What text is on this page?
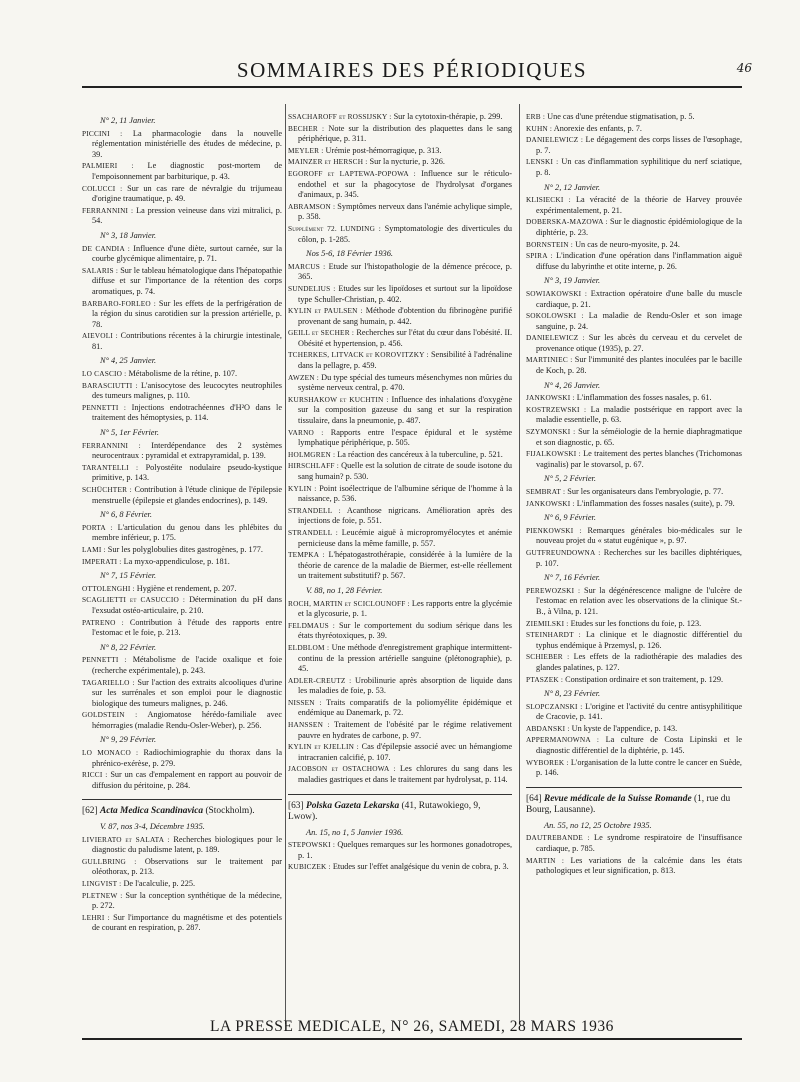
SOMMAIRES DES PÉRIODIQUES	46
N° 2, 11 Janvier.
PICCINI : La pharmacologie dans la nouvelle réglementation ministérielle des études de médecine, p. 39.
PALMIERI : Le diagnostic post-mortem de l'empoisonnement par barbiturique, p. 43.
COLUCCI : Sur un cas rare de névralgie du trijumeau d'origine traumatique, p. 49.
FERRANNINI : La pression veineuse dans vizi mitralici, p. 54.
N° 3, 18 Janvier.
DE CANDIA : Influence d'une diète, surtout carnée, sur la courbe glycémique alimentaire, p. 71.
SALARIS : Sur le tableau hématologique dans l'hépatopathie diffuse et sur l'importance de la rétention des corps aromatiques, p. 74.
BARBARO-FORLEO : Sur les effets de la perfrigération de la région du sinus carotidien sur la pression artérielle, p. 78.
AIEVOLI : Contributions récentes à la chirurgie intestinale, 81.
N° 4, 25 Janvier.
LO CASCIO : Métabolisme de la rétine, p. 107.
BARASCIUTTI : L'anisocytose des leucocytes neutrophiles des tumeurs malignes, p. 110.
PENNETTI : Injections endotrachéennes d'H²O dans le traitement des hémoptysies, p. 114.
N° 5, 1er Février.
FERRANNINI : Interdépendance des 2 systèmes neurocentraux : pyramidal et extrapyramidal, p. 139.
TARANTELLI : Polyostéite nodulaire pseudo-kystique primitive, p. 143.
SCHÜCHTER : Contribution à l'étude clinique de l'épilepsie menstruelle (épilepsie et glandes endocrines), p. 149.
N° 6, 8 Février.
PORTA : L'articulation du genou dans les phlébites du membre inférieur, p. 175.
LAMI : Sur les polyglobulies dites gastrogènes, p. 177.
IMPERATI : La myxo-appendiculose, p. 181.
N° 7, 15 Février.
OTTOLENGHI : Hygiène et rendement, p. 207.
SCAGLIETTI et CASUCCIO : Détermination du pH dans l'exsudat ostéo-articulaire, p. 210.
PATRENO : Contribution à l'étude des rapports entre l'estomac et le foie, p. 213.
N° 8, 22 Février.
PENNETTI : Métabolisme de l'acide oxalique et foie (recherche expérimentale), p. 243.
TAGARIELLO : Sur l'action des extraits alcooliques d'urine sur les surrénales et son emploi pour le diagnostic biologique des tumeurs malignes, p. 246.
GOLDSTEIN : Angiomatose hérédo-familiale avec hémorragies (maladie Rendu-Osler-Weber), p. 256.
N° 9, 29 Février.
LO MONACO : Radiochimiographie du thorax dans la phrénico-exérèse, p. 279.
RICCI : Sur un cas d'empalement en rapport au pouvoir de diffusion du péritoine, p. 284.
[62] Acta Medica Scandinavica (Stockholm).
V. 87, nos 3-4, Décembre 1935.
LIVIERATO et SALATA : Recherches biologiques pour le diagnostic du paludisme latent, p. 189.
GULLBRING : Observations sur le traitement par oléothorax, p. 213.
LINGVIST : De l'acalculie, p. 225.
PLETNEW : Sur la conception synthétique de la médecine, p. 272.
LEHRI : Sur l'importance du magnétisme et des potentiels de courant en respiration, p. 287.
SSACHAROFF et ROSSIJSKY : Sur la cytotoxin-thérapie, p. 299.
BECHER : Note sur la distribution des plaquettes dans le sang périphérique, p. 311.
MEYLER : Urémie post-hémorragique, p. 313.
MAINZER et HERSCH : Sur la nycturie, p. 326.
EGOROFF et LAPTEWA-POPOWA : Influence sur le réticulo-endothel et sur la phagocytose de l'hydrolysat d'organes d'animaux, p. 345.
ABRAMSON : Symptômes nerveux dans l'anémie achylique simple, p. 358.
Supplément 72. LUNDING : Symptomatologie des diverticules du côlon, p. 1-285.
Nos 5-6, 18 Février 1936.
MARCUS : Etude sur l'histopathologie de la démence précoce, p. 365.
SUNDELIUS : Etudes sur les lipoïdoses et surtout sur la lipoïdose type Schuller-Christian, p. 402.
KYLIN et PAULSEN : Méthode d'obtention du fibrinogène purifié provenant de sang humain, p. 442.
GEILL et SECHER : Recherches sur l'état du cœur dans l'obésité. II. Obésité et hypertension, p. 456.
TCHERKES, LITVACK et KOROVITZKY : Sensibilité à l'adrénaline dans la pellagre, p. 459.
AWZEN : Du type spécial des tumeurs mésenchymes non mûries du système nerveux central, p. 470.
KURSHAKOW et KUCHTIN : Influence des inhalations d'oxygène sur la composition gazeuse du sang et sur la respiration tissulaire, dans la pneumonie, p. 487.
VARNO : Rapports entre l'espace épidural et le système lymphatique périphérique, p. 505.
HOLMGREN : La réaction des cancéreux à la tuberculine, p. 521.
HIRSCHLAFF : Quelle est la solution de citrate de soude isotone du sang humain? p. 530.
KYLIN : Point isoélectrique de l'albumine sérique de l'homme à la naissance, p. 536.
STRANDELL : Acanthose nigricans. Amélioration après des injections de foie, p. 551.
STRANDELL : Leucémie aiguë à micropromyélocytes et anémie pernicieuse dans la même famille, p. 557.
TEMPKA : L'hépatogastrothérapie, considérée à la lumière de la théorie de carence de la maladie de Biermer, est-elle réellement un traitement substitutif? p. 567.
V. 88, no 1, 28 Février.
ROCH, MARTIN et SCICLOUNOFF : Les rapports entre la glycémie et la glycosurie, p. 1.
FELDMAUS : Sur le comportement du sodium sérique dans les états thyréotoxiques, p. 39.
ELDBLOM : Une méthode d'enregistrement graphique intermittent-continu de la pression artérielle sanguine (plétonographie), p. 45.
ADLER-CREUTZ : Urobilinurie après absorption de liquide dans les maladies de foie, p. 53.
NISSEN : Traits comparatifs de la poliomyélite épidémique et endémique au Danemark, p. 72.
HANSSEN : Traitement de l'obésité par le régime relativement pauvre en hydrates de carbone, p. 97.
KYLIN et KJELLIN : Cas d'épilepsie associé avec un hémangiome intracranien calcifié, p. 107.
JACOBSON et OSTACHOWA : Les chlorures du sang dans les maladies gastriques et dans le traitement par hydrolysat, p. 114.
[63] Polska Gazeta Lekarska (41, Rutawokiego, 9, Lwow).
An. 15, no 1, 5 Janvier 1936.
STEPOWSKI : Quelques remarques sur les hormones gonadotropes, p. 1.
KUBICZEK : Etudes sur l'effet analgésique du venin de cobra, p. 3.
ERB : Une cas d'une prétendue stigmatisation, p. 5.
KUHN : Anorexie des enfants, p. 7.
DANIELEWICZ : Le dégagement des corps lisses de l'œsophage, p. 7.
LENSKI : Un cas d'inflammation syphilitique du nerf sciatique, p. 8.
N° 2, 12 Janvier.
KLISIECKI : La véracité de la théorie de Harvey prouvée expérimentalement, p. 21.
DOBERSKA-MAZOWA : Sur le diagnostic épidémiologique de la diphtérie, p. 23.
BORNSTEIN : Un cas de neuro-myosite, p. 24.
SPIRA : L'indication d'une opération dans l'inflammation aiguë diffuse du labyrinthe et otite interne, p. 26.
N° 3, 19 Janvier.
SOWIAKOWSKI : Extraction opératoire d'une balle du muscle cardiaque, p. 21.
SOKOLOWSKI : La maladie de Rendu-Osler et son image sanguine, p. 24.
DANIELEWICZ : Sur les abcès du cerveau et du cervelet de provenance otique (1935), p. 27.
MARTINIEC : Sur l'immunité des plantes inoculées par le bacille de Koch, p. 28.
N° 4, 26 Janvier.
JANKOWSKI : L'inflammation des fosses nasales, p. 61.
KOSTRZEWSKI : La maladie postsérique en rapport avec la maladie essentielle, p. 63.
SZYMONSKI : Sur la séméiologie de la hernie diaphragmatique et son diagnostic, p. 65.
FIJALKOWSKI : Le traitement des pertes blanches (Trichomonas vaginalis) par le stovarsol, p. 67.
N° 5, 2 Février.
SEMBRAT : Sur les organisateurs dans l'embryologie, p. 77.
JANKOWSKI : L'inflammation des fosses nasales (suite), p. 79.
N° 6, 9 Février.
PIENKOWSKI : Remarques générales bio-médicales sur le nouveau projet du « statut eugénique », p. 97.
GUTFREUNDOWNA : Recherches sur les bacilles diphtériques, p. 107.
N° 7, 16 Février.
PEREWOZSKI : Sur la dégénérescence maligne de l'ulcère de l'estomac en relation avec les observations de la clinique St.-B., à Vilna, p. 121.
ZIEMILSKI : Etudes sur les fonctions du foie, p. 123.
STEINHARDT : La clinique et le diagnostic différentiel du typhus endémique à Przemysl, p. 126.
SCHIEBER : Les effets de la radiothérapie des maladies des glandes palatines, p. 127.
PTASZEK : Constipation ordinaire et son traitement, p. 129.
N° 8, 23 Février.
SLOPCZANSKI : L'origine et l'activité du centre antisyphilitique de Cracovie, p. 141.
ABDANSKI : Un kyste de l'appendice, p. 143.
APPERMANOWNA : La culture de Costa Lipinski et le diagnostic différentiel de la diphtérie, p. 145.
WYBOREK : L'organisation de la lutte contre le cancer en Suède, p. 146.
[64] Revue médicale de la Suisse Romande (1, rue du Bourg, Lausanne).
An. 55, no 12, 25 Octobre 1935.
DAUTREBANDE : Le syndrome respiratoire de l'insuffisance cardiaque, p. 785.
MARTIN : Les variations de la calcémie dans les états pathologiques et leur signification, p. 813.
LA PRESSE MEDICALE, N° 26, SAMEDI, 28 MARS 1936
